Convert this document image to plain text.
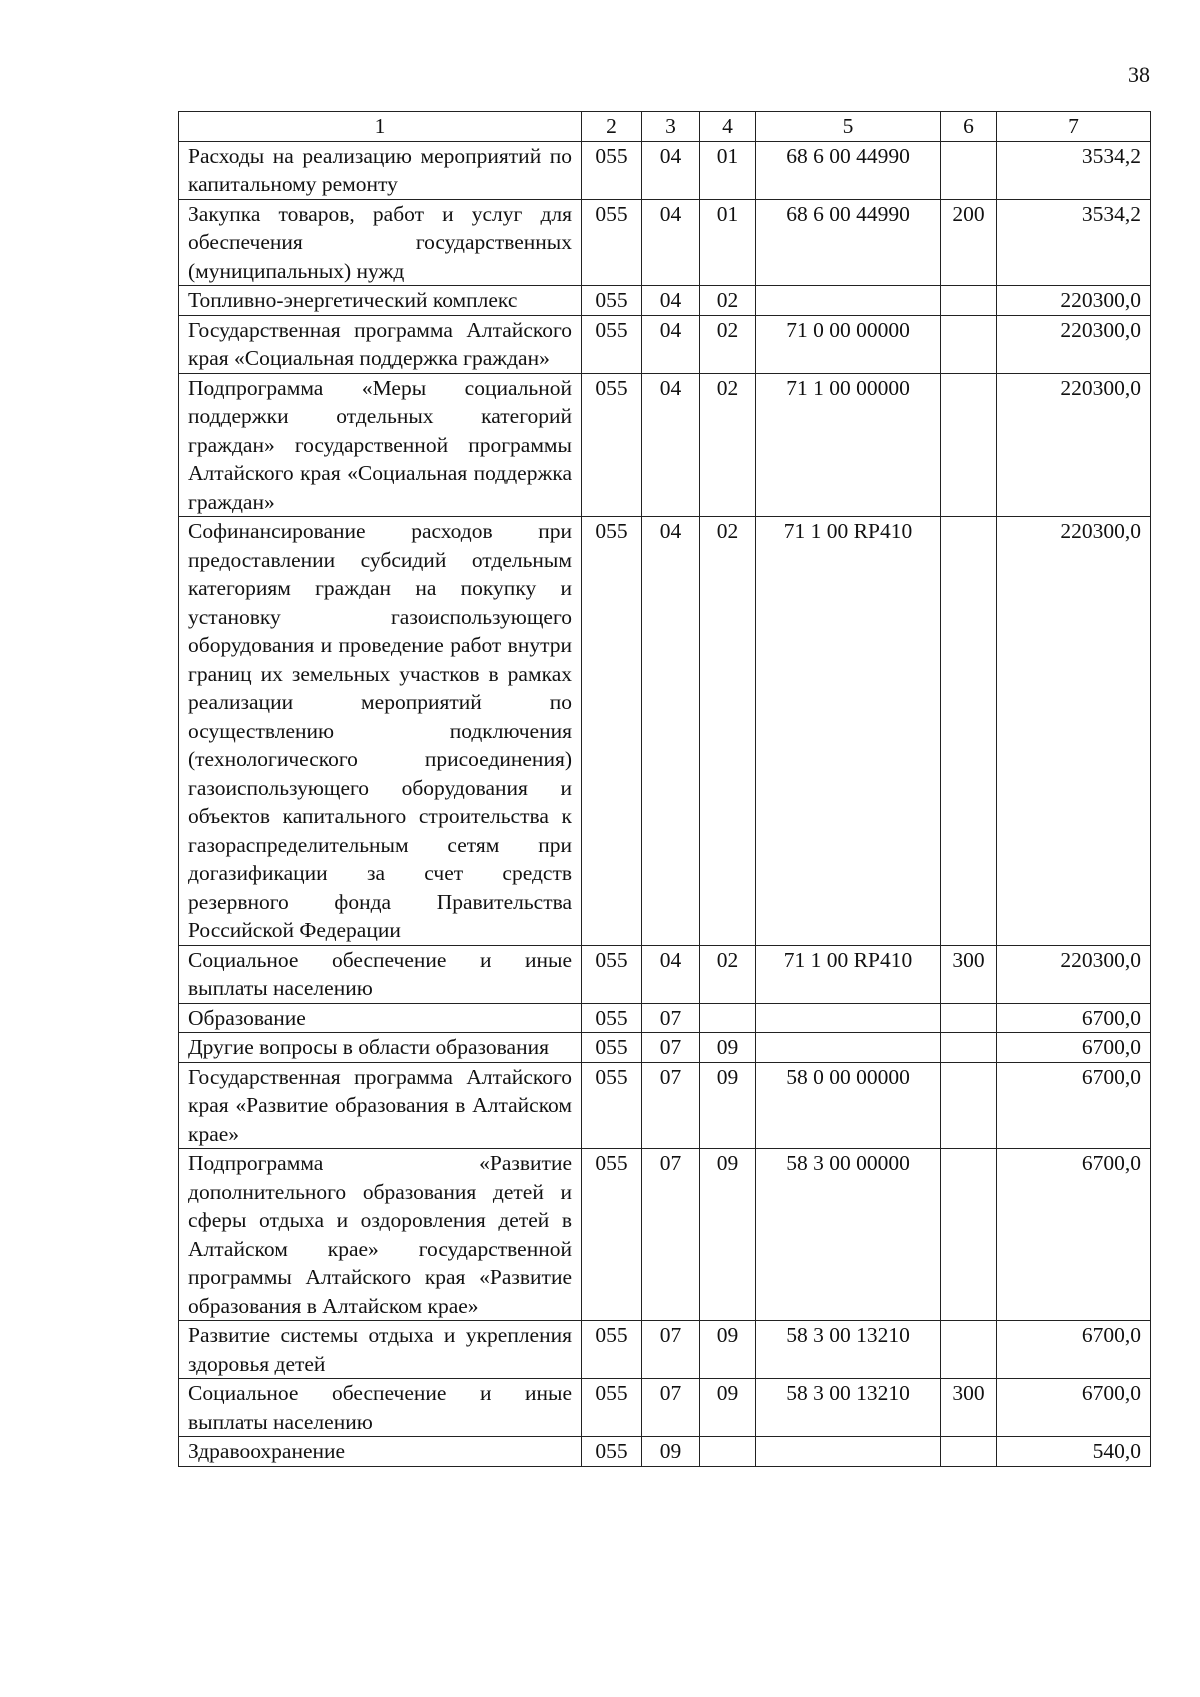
38
1	2	3	4	5	6	7
Расходы на реализацию мероприятий по капитальному ремонту	055	04	01	68 6 00 44990		3534,2
Закупка товаров, работ и услуг для обеспечения государственных (муниципальных) нужд	055	04	01	68 6 00 44990	200	3534,2
Топливно-энергетический комплекс	055	04	02			220300,0
Государственная программа Алтайского края «Социальная поддержка граждан»	055	04	02	71 0 00 00000		220300,0
Подпрограмма «Меры социальной поддержки отдельных категорий граждан» государственной программы Алтайского края «Социальная поддержка граждан»	055	04	02	71 1 00 00000		220300,0
Софинансирование расходов при предоставлении субсидий отдельным категориям граждан на покупку и установку газоиспользующего оборудования и проведение работ внутри границ их земельных участков в рамках реализации мероприятий по осуществлению подключения (технологического присоединения) газоиспользующего оборудования и объектов капитального строительства к газораспределительным сетям при догазификации за счет средств резервного фонда Правительства Российской Федерации	055	04	02	71 1 00 RP410		220300,0
Социальное обеспечение и иные выплаты населению	055	04	02	71 1 00 RP410	300	220300,0
Образование	055	07				6700,0
Другие вопросы в области образования	055	07	09			6700,0
Государственная программа Алтайского края «Развитие образования в Алтайском крае»	055	07	09	58 0 00 00000		6700,0
Подпрограмма «Развитие дополнительного образования детей и сферы отдыха и оздоровления детей в Алтайском крае» государственной программы Алтайского края «Развитие образования в Алтайском крае»	055	07	09	58 3 00 00000		6700,0
Развитие системы отдыха и укрепления здоровья детей	055	07	09	58 3 00 13210		6700,0
Социальное обеспечение и иные выплаты населению	055	07	09	58 3 00 13210	300	6700,0
Здравоохранение	055	09				540,0
